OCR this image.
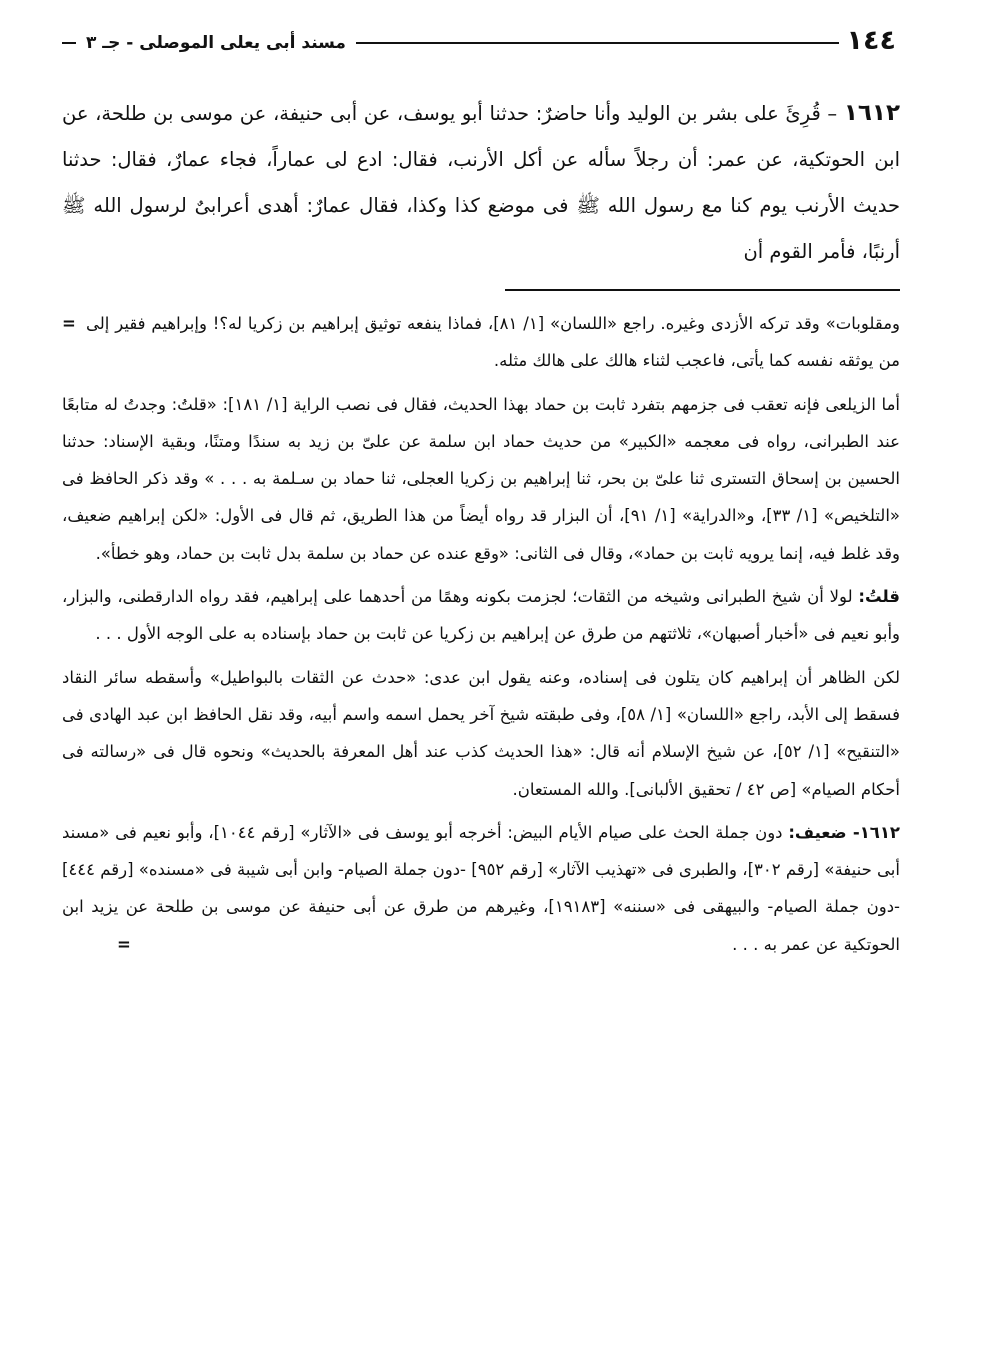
١٤٤
مسند أبى يعلى الموصلى - جـ ٣
١٦١٢ – قُرِئَ على بشر بن الوليد وأنا حاضرٌ: حدثنا أبو يوسف، عن أبى حنيفة، عن موسى بن طلحة، عن ابن الحوتكية، عن عمر: أن رجلاً سأله عن أكل الأرنب، فقال: ادع لى عماراً، فجاء عمارٌ، فقال: حدثنا حديث الأرنب يوم كنا مع رسول الله ﷺ فى موضع كذا وكذا، فقال عمارٌ: أهدى أعرابىٌ لرسول الله ﷺ أرنبًا، فأمر القوم أن

= ومقلوبات» وقد تركه الأزدى وغيره. راجع «اللسان» [١/ ٨١]، فماذا ينفعه توثيق إبراهيم بن زكريا له؟! وإبراهيم فقير إلى من يوثقه نفسه كما يأتى، فاعجب لثناء هالك على هالك مثله.

أما الزيلعى فإنه تعقب فى جزمهم بتفرد ثابت بن حماد بهذا الحديث، فقال فى نصب الراية [١/ ١٨١]: «قلتُ: وجدتُ له متابعًا عند الطبرانى، رواه فى معجمه «الكبير» من حديث حماد ابن سلمة عن علىّ بن زيد به سندًا ومتنًا، وبقية الإسناد: حدثنا الحسين بن إسحاق التسترى ثنا علىّ بن بحر، ثنا إبراهيم بن زكريا العجلى، ثنا حماد بن سـلمة به . . . » وقد ذكر الحافظ فى «التلخيص» [١/ ٣٣]، و«الدراية» [١/ ٩١]، أن البزار قد رواه أيضاً من هذا الطريق، ثم قال فى الأول: «لكن إبراهيم ضعيف، وقد غلط فيه، إنما يرويه ثابت بن حماد»، وقال فى الثانى: «وقع عنده عن حماد بن سلمة بدل ثابت بن حماد، وهو خطأ».

قلتُ: لولا أن شيخ الطبرانى وشيخه من الثقات؛ لجزمت بكونه وهمًا من أحدهما على إبراهيم، فقد رواه الدارقطنى، والبزار، وأبو نعيم فى «أخبار أصبهان»، ثلاثتهم من طرق عن إبراهيم بن زكريا عن ثابت بن حماد بإسناده به على الوجه الأول . . .

لكن الظاهر أن إبراهيم كان يتلون فى إسناده، وعنه يقول ابن عدى: «حدث عن الثقات بالبواطيل» وأسقطه سائر النقاد فسقط إلى الأبد، راجع «اللسان» [١/ ٥٨]، وفى طبقته شيخ آخر يحمل اسمه واسم أبيه، وقد نقل الحافظ ابن عبد الهادى فى «التنقيح» [١/ ٥٢]، عن شيخ الإسلام أنه قال: «هذا الحديث كذب عند أهل المعرفة بالحديث» ونحوه قال فى «رسالته فى أحكام الصيام» [ص ٤٢ / تحقيق الألبانى]. والله المستعان.

١٦١٢- ضعيف: دون جملة الحث على صيام الأيام البيض: أخرجه أبو يوسف فى «الآثار» [رقم ١٠٤٤]، وأبو نعيم فى «مسند أبى حنيفة» [رقم ٣٠٢]، والطبرى فى «تهذيب الآثار» [رقم ٩٥٢] -دون جملة الصيام- وابن أبى شيبة فى «مسنده» [رقم ٤٤٤] -دون جملة الصيام- والبيهقى فى «سننه» [١٩١٨٣]، وغيرهم من طرق عن أبى حنيفة عن موسى بن طلحة عن يزيد ابن الحوتكية عن عمر به . . .
=
